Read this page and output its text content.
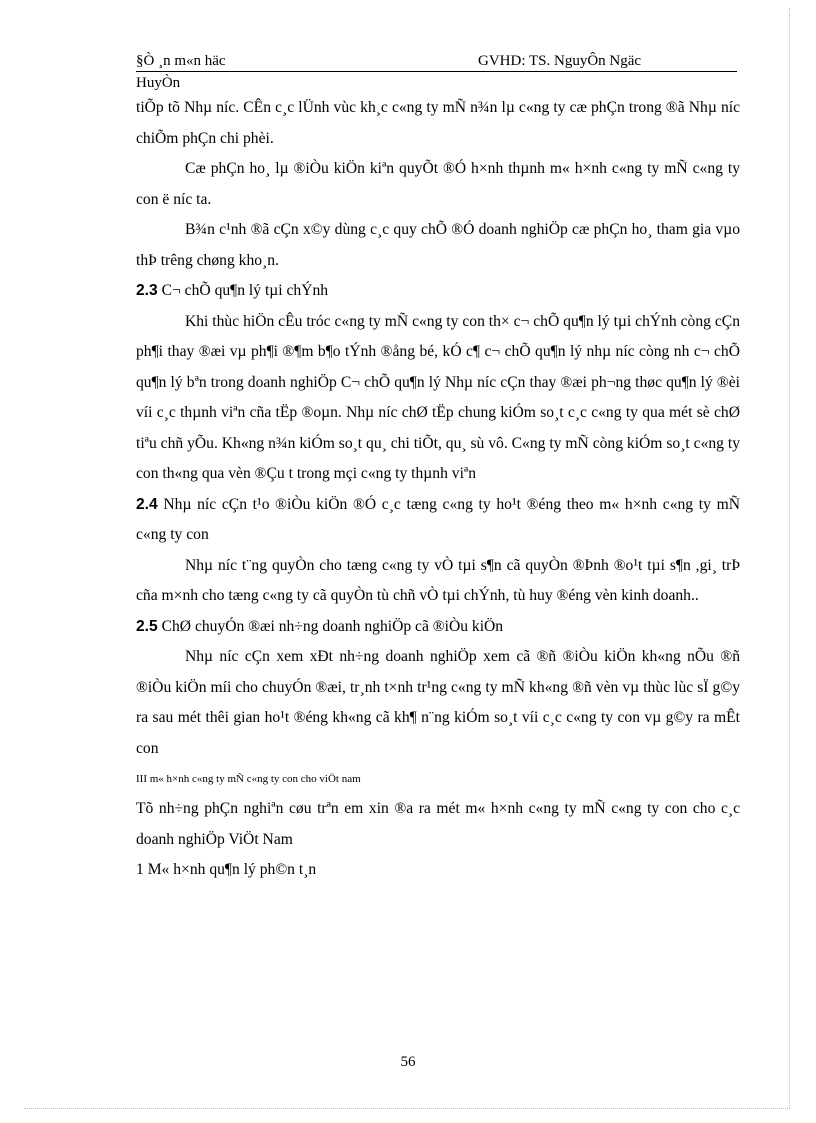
§Ò ¸n m«n häc	GVHD: TS. NguyÔn Ngäc
HuyÒn

tiÕp tõ Nhµ níc. CÊn c¸c lÜnh vùc kh¸c c«ng ty mÑ n¾n lµ c«ng ty cæ phÇn trong ®ã Nhµ níc chiÕm phÇn chi phèi.

Cæ phÇn ho¸ lµ ®iÒu kiÖn kiªn quyÕt ®Ó h×nh thµnh m« h×nh c«ng ty mÑ c«ng ty con ë níc ta.

B¾n c¹nh ®ã cÇn x©y dùng c¸c quy chÕ ®Ó doanh nghiÖp cæ phÇn ho¸ tham gia vµo thÞ trêng chøng kho¸n.

2.3 C¬ chÕ qu¶n lý tµi chÝnh

Khi thùc hiÖn cÊu tróc c«ng ty mÑ c«ng ty con th× c¬ chÕ qu¶n lý tµi chÝnh còng cÇn ph¶i thay ®æi vµ ph¶i ®¶m b¶o tÝnh ®ång bé, kÓ c¶ c¬ chÕ qu¶n lý nhµ níc còng nh c¬ chÕ qu¶n lý bªn trong doanh nghiÖp C¬ chÕ qu¶n lý Nhµ níc cÇn thay ®æi ph¬ng thøc qu¶n lý ®èi víi c¸c thµnh viªn cña tËp ®oµn. Nhµ níc chØ tËp chung kiÓm so¸t c¸c c«ng ty qua mét sè chØ tiªu chñ yÕu. Kh«ng n¾n kiÓm so¸t qu¸ chi tiÕt, qu¸ sù vô. C«ng ty mÑ còng kiÓm so¸t c«ng ty con th«ng qua vèn ®Çu t trong mçi c«ng ty thµnh viªn

2.4 Nhµ níc cÇn t¹o ®iÒu kiÖn ®Ó c¸c tæng c«ng ty ho¹t ®éng theo m« h×nh c«ng ty mÑ c«ng ty con

Nhµ níc t¨ng quyÒn cho tæng c«ng ty vÒ tµi s¶n cã quyÒn ®Þnh ®o¹t tµi s¶n ,gi¸ trÞ cña m×nh cho tæng c«ng ty cã quyÒn tù chñ vÒ tµi chÝnh, tù huy ®éng vèn kinh doanh..

2.5 ChØ chuyÓn ®æi nh÷ng doanh nghiÖp cã ®iÒu kiÖn

Nhµ níc cÇn xem xÐt nh÷ng doanh nghiÖp xem cã ®ñ ®iÒu kiÖn kh«ng nÕu ®ñ ®iÒu kiÖn míi cho chuyÓn ®æi, tr¸nh t×nh tr¹ng c«ng ty mÑ kh«ng ®ñ vèn vµ thùc lùc sÏ g©y ra sau mét thêi gian ho¹t ®éng kh«ng cã kh¶ n¨ng kiÓm so¸t víi c¸c c«ng ty con vµ g©y ra mÊt con

III m« h×nh c«ng ty mÑ c«ng ty con cho viÖt nam

Tõ nh÷ng phÇn nghiªn cøu trªn em xin ®a ra mét m« h×nh c«ng ty mÑ c«ng ty con cho c¸c doanh nghiÖp ViÖt Nam

1 M« h×nh qu¶n lý ph©n t¸n

56
